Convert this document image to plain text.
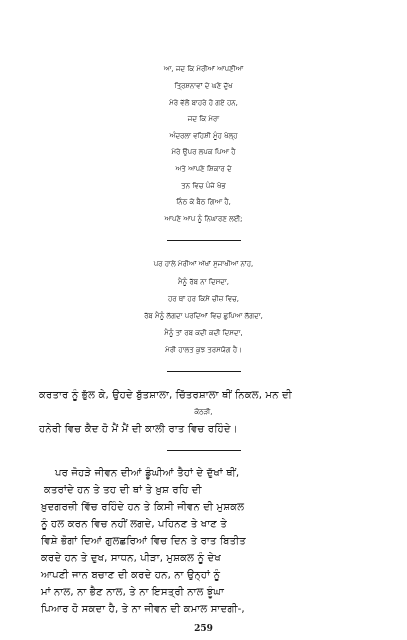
ਆ, ਜਦ ਕਿ ਮੇਰੀਆਂ ਆਪਣੀਆਂ
ਤ੍ਰਿਸ਼ਨਾਵਾਂ ਦੇ ਘਣੇ ਦੁੱਖ
ਮੇਰੇ ਵੱਲੋਂ ਬਾਹਰੇ ਹੋ ਗਏ ਹਨ,
ਜਦ ਕਿ ਮੇਰਾ
ਅੰਦਰਲਾ ਵਹਿਸ਼ੀ ਮੂੰਹ ਖੋਲ੍ਹ
ਮੇਰੇ ਉਪਰ ਲਪਕ ਪਿਆ ਹੈ
ਅਤੇ ਆਪਣੇ ਸ਼ਿਕਾਰ ਦੇ
ਤਨ ਵਿਚ ਪੰਜੇ ਖੋਭ
ਨਿੰਠ ਕੇ ਬੈਠ ਗਿਆ ਹੈ,
ਆਪਣੇ ਆਪ ਨੂੰ ਨਿਘਾਰਣ ਲਈ;
ਪਰ ਹਾਲੇ ਮੇਰੀਆਂ ਅੱਖਾਂ ਸੁਜਾਖੀਆਂ ਨਾਂਹ,
ਮੈਨੂੰ ਰੱਬ ਨਾ ਦਿਸਦਾ,
ਹਰ ਥਾਂ ਹਰ ਕਿਸੇ ਚੀਜ਼ ਵਿਚ,
ਰੱਬ ਮੈਨੂੰ ਲੱਗਦਾ ਪਰਦਿਆਂ ਵਿਚ ਛੁਪਿਆ ਲੱਗਦਾ,
ਮੈਨੂੰ ਤਾਂ ਰਬ ਕਦੀ ਕਦੀ ਦਿਸਦਾ,
ਮੇਰੀ ਹਾਲਤ ਕੁਝ ਤਰਸਯੋਗ ਹੈ।
ਕਰਤਾਰ ਨੂੰ ਭੁੱਲ ਕੇ, ਉਹਦੇ ਬੁੱਤਸ਼ਾਲਾ, ਚਿੱਤਰਸ਼ਾਲਾ ਥੀਂ ਨਿਕਲ, ਮਨ ਦੀ
ਕੋਠੜੀ,
ਹਨੇਰੀ ਵਿਚ ਕੈਦ ਹੋ ਮੈਂ ਮੈਂ ਦੀ ਕਾਲੀ ਰਾਤ ਵਿਚ ਰਹਿੰਦੇ।
ਪਰ ਜੋਹੜੇ ਜੀਵਨ ਦੀਆਂ ਡੂੰਘੀਆਂ ਤੈਹਾਂ ਦੇ ਦੁੱਖਾਂ ਥੀਂ,
ਕਤਰਾਂਦੇ ਹਨ ਤੇ ਤਹ ਦੀ ਥਾਂ ਤੇ ਖ਼ੁਸ਼ ਰਹਿ ਦੀ
ਖ਼ੁਦਗਰਜ਼ੀ ਵਿੱਚ ਰਹਿੰਦੇ ਹਨ ਤੇ ਕਿਸੀ ਜੀਵਨ ਦੀ ਮੁਸ਼ਕਲ
ਨੂੰ ਹਲ ਕਰਨ ਵਿਚ ਨਹੀਂ ਲਗਦੇ, ਪਹਿਨਣ ਤੇ ਖਾਣ ਤੇ
ਵਿਸ਼ੇ ਭੋਗਾਂ ਦਿਆਂ ਗੁਲਛਰਿਆਂ ਵਿਚ ਦਿਨ ਤੇ ਰਾਤ ਬਿਤੀਤ
ਕਰਦੇ ਹਨ ਤੇ ਦੁਖ, ਸਾਧਨ, ਪੀੜਾ, ਮੁਸ਼ਕਲ ਨੂੰ ਦੇਖ
ਆਪਣੀ ਜਾਨ ਬਚਾਣ ਦੀ ਕਰਦੇ ਹਨ, ਨਾ ਉਨ੍ਹਾਂ ਨੂੰ
ਮਾਂ ਨਾਲ, ਨਾ ਭੈਣ ਨਾਲ, ਤੇ ਨਾ ਇਸਤ੍ਰੀ ਨਾਲ ਝੂੰਘਾ
ਪਿਆਰ ਹੋ ਸਕਦਾ ਹੈ, ਤੇ ਨਾ ਜੀਵਨ ਦੀ ਕਮਾਲ ਸਾਦਗੀ-,
259
